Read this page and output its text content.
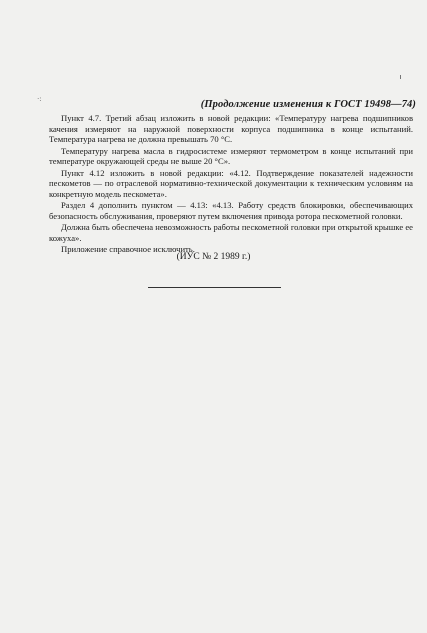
·:	(Продолжение изменения к ГОСТ 19498—74)

Пункт 4.7. Третий абзац изложить в новой редакции: «Температуру нагрева подшипников качения измеряют на наружной поверхности корпуса подшипника в конце испытаний. Температура нагрева не должна превышать 70 °С.

Температуру нагрева масла в гидросистеме измеряют термометром в конце испытаний при температуре окружающей среды не выше 20 °С».

Пункт 4.12 изложить в новой редакции: «4.12. Подтверждение показателей надежности пескометов — по отраслевой нормативно-технической документации к техническим условиям на конкретную модель пескомета».

Раздел 4 дополнить пунктом — 4.13: «4.13. Работу средств блокировки, обеспечивающих безопасность обслуживания, проверяют путем включения привода ротора пескометной головки.

Должна быть обеспечена невозможность работы пескометной головки при открытой крышке ее кожуха».

Приложение справочное исключить.

(ИУС № 2 1989 г.)
